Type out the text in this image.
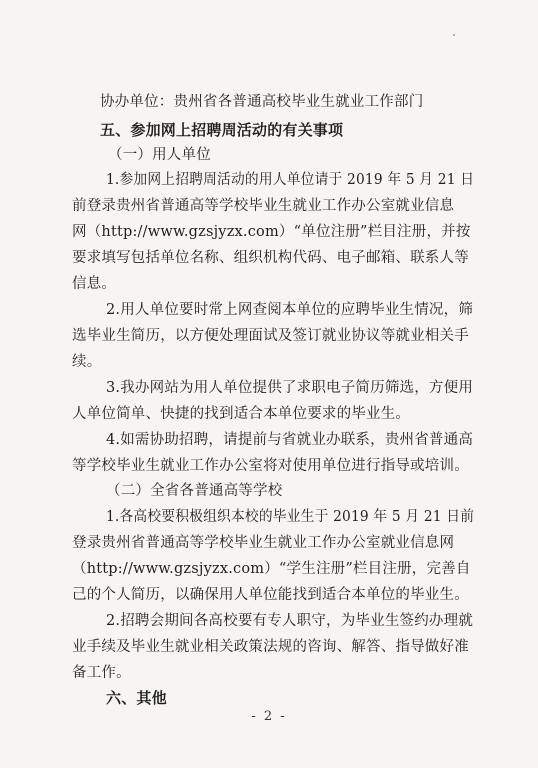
协办单位：贵州省各普通高校毕业生就业工作部门
五、参加网上招聘周活动的有关事项
（一）用人单位
1.参加网上招聘周活动的用人单位请于 2019 年 5 月 21 日
前登录贵州省普通高等学校毕业生就业工作办公室就业信息
网（http://www.gzsjyzx.com）“单位注册”栏目注册，并按
要求填写包括单位名称、组织机构代码、电子邮箱、联系人等
信息。
2.用人单位要时常上网查阅本单位的应聘毕业生情况，筛
选毕业生简历，以方便处理面试及签订就业协议等就业相关手
续。
3.我办网站为用人单位提供了求职电子简历筛选，方便用
人单位简单、快捷的找到适合本单位要求的毕业生。
4.如需协助招聘，请提前与省就业办联系，贵州省普通高
等学校毕业生就业工作办公室将对使用单位进行指导或培训。
（二）全省各普通高等学校
1.各高校要积极组织本校的毕业生于 2019 年 5 月 21 日前
登录贵州省普通高等学校毕业生就业工作办公室就业信息网
（http://www.gzsjyzx.com）“学生注册”栏目注册，完善自
己的个人简历，以确保用人单位能找到适合本单位的毕业生。
2.招聘会期间各高校要有专人职守，为毕业生签约办理就
业手续及毕业生就业相关政策法规的咨询、解答、指导做好准
备工作。
六、其他
- 2 -
